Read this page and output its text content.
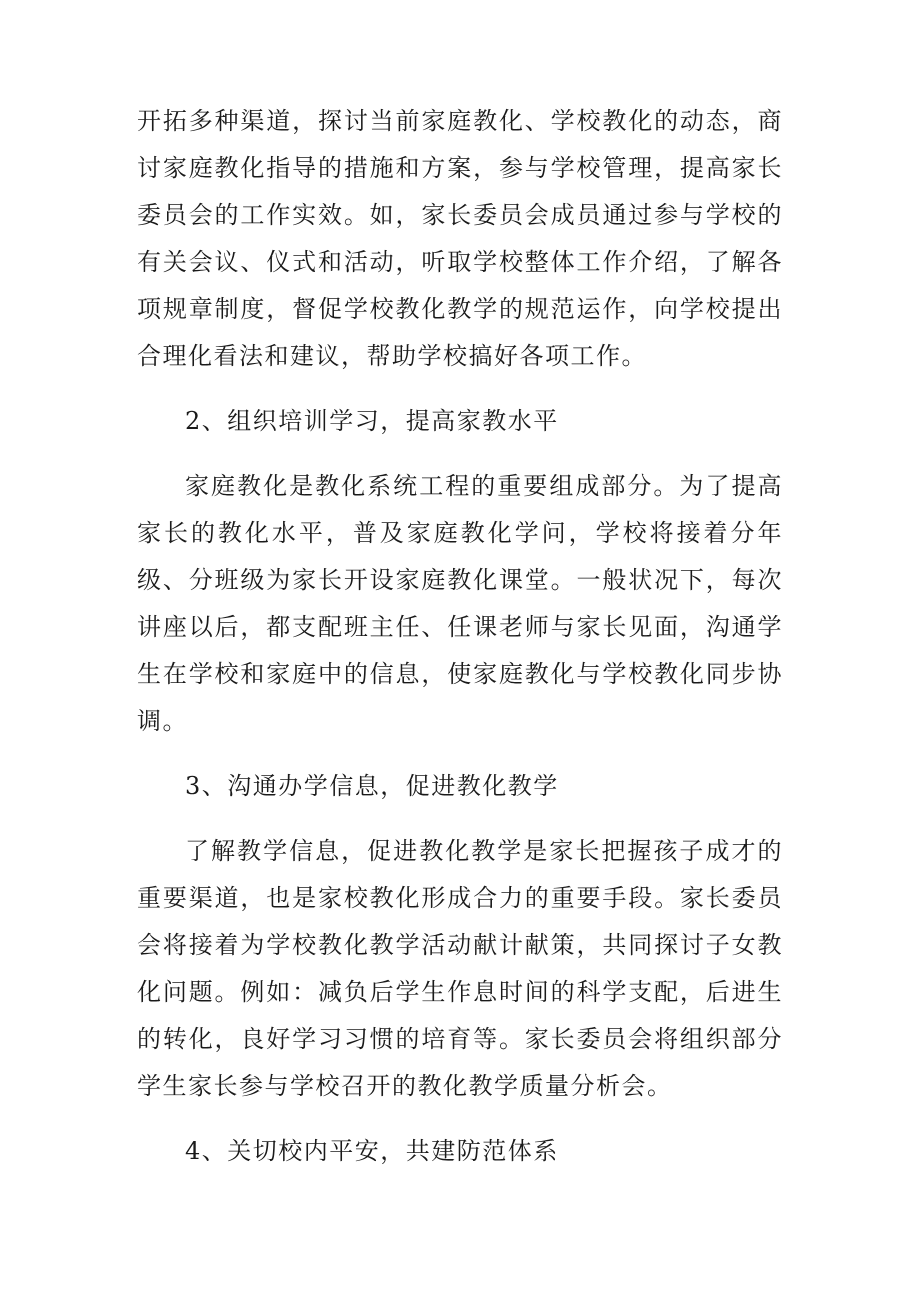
开拓多种渠道，探讨当前家庭教化、学校教化的动态，商讨家庭教化指导的措施和方案，参与学校管理，提高家长委员会的工作实效。如，家长委员会成员通过参与学校的有关会议、仪式和活动，听取学校整体工作介绍，了解各项规章制度，督促学校教化教学的规范运作，向学校提出合理化看法和建议，帮助学校搞好各项工作。

2、组织培训学习，提高家教水平

家庭教化是教化系统工程的重要组成部分。为了提高家长的教化水平，普及家庭教化学问，学校将接着分年级、分班级为家长开设家庭教化课堂。一般状况下，每次讲座以后，都支配班主任、任课老师与家长见面，沟通学生在学校和家庭中的信息，使家庭教化与学校教化同步协调。

3、沟通办学信息，促进教化教学

了解教学信息，促进教化教学是家长把握孩子成才的重要渠道，也是家校教化形成合力的重要手段。家长委员会将接着为学校教化教学活动献计献策，共同探讨子女教化问题。例如：减负后学生作息时间的科学支配，后进生的转化，良好学习习惯的培育等。家长委员会将组织部分学生家长参与学校召开的教化教学质量分析会。

4、关切校内平安，共建防范体系
